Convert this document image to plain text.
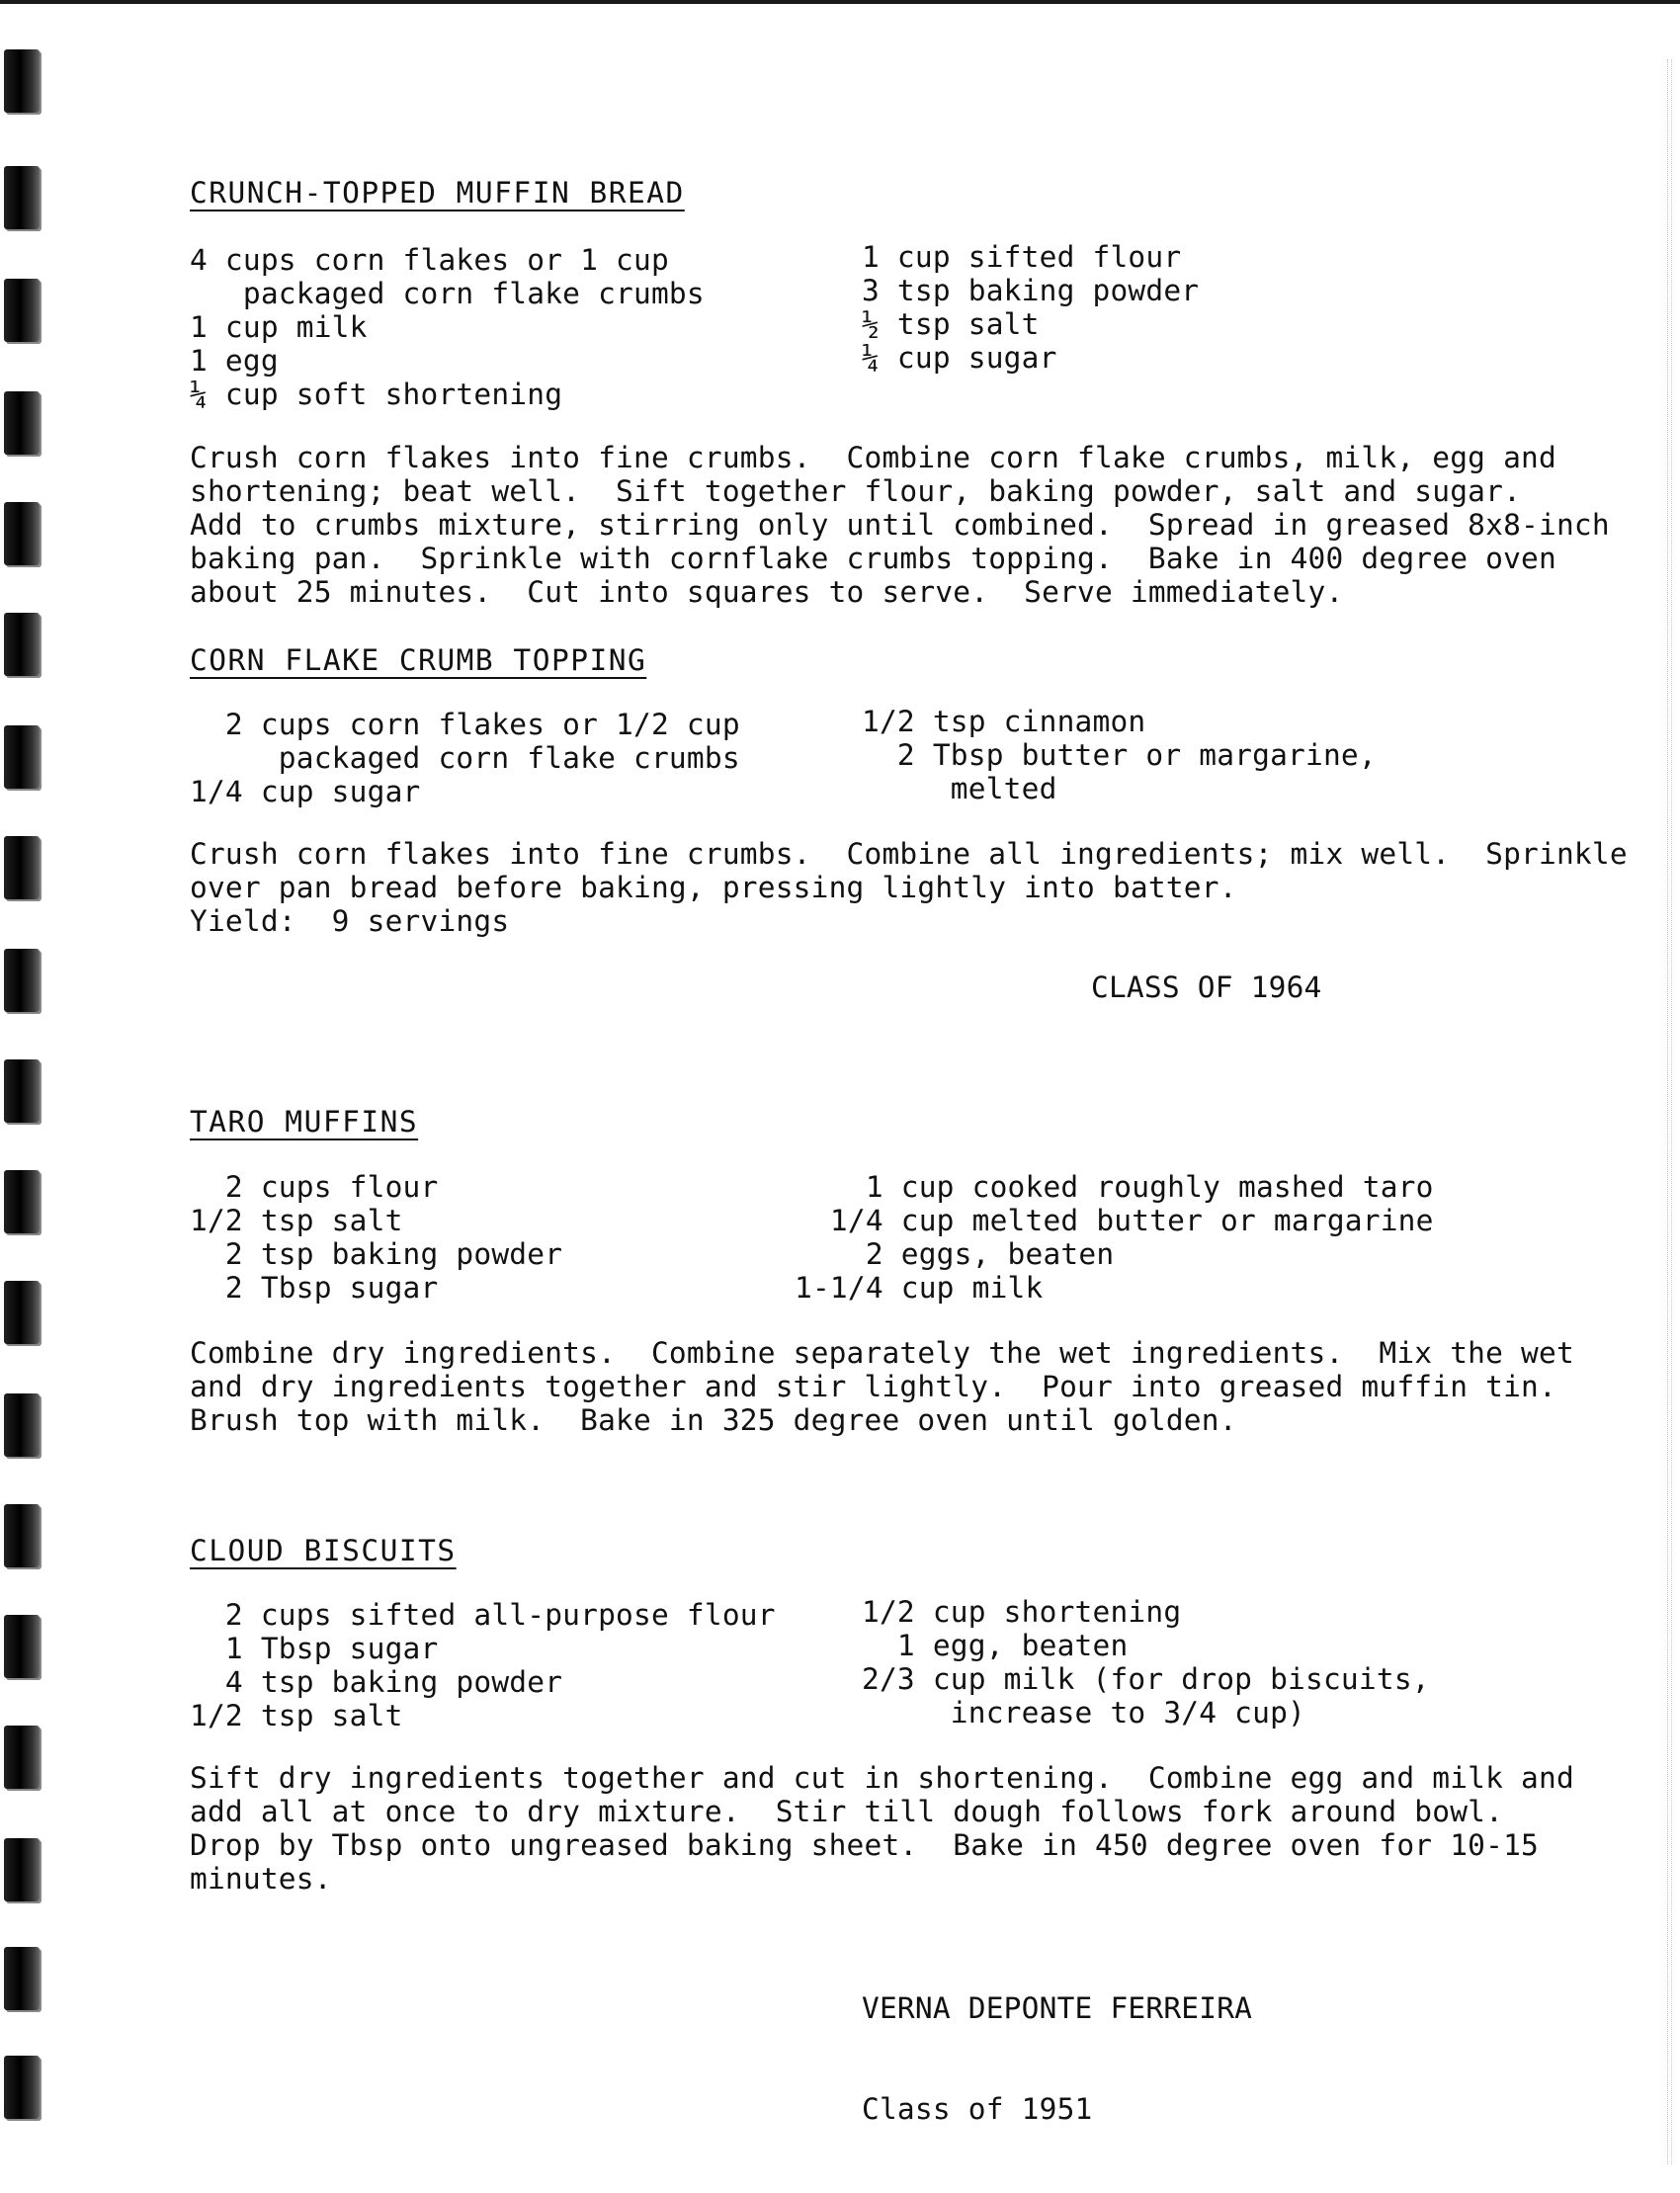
CRUNCH-TOPPED MUFFIN BREAD
4 cups corn flakes or 1 cup
packaged corn flake crumbs
1 cup milk
1 egg
¼ cup soft shortening
1 cup sifted flour
3 tsp baking powder
½ tsp salt
¼ cup sugar
Crush corn flakes into fine crumbs.  Combine corn flake crumbs, milk, egg and
shortening; beat well.  Sift together flour, baking powder, salt and sugar.
Add to crumbs mixture, stirring only until combined.  Spread in greased 8x8-inch
baking pan.  Sprinkle with cornflake crumbs topping.  Bake in 400 degree oven
about 25 minutes.  Cut into squares to serve.  Serve immediately.
CORN FLAKE CRUMB TOPPING
2 cups corn flakes or 1/2 cup
packaged corn flake crumbs
1/4 cup sugar
1/2 tsp cinnamon
2 Tbsp butter or margarine,
melted
Crush corn flakes into fine crumbs.  Combine all ingredients; mix well.  Sprinkle
over pan bread before baking, pressing lightly into batter.
Yield:  9 servings
CLASS OF 1964
TARO MUFFINS
2 cups flour
1/2 tsp salt
2 tsp baking powder
2 Tbsp sugar
1 cup cooked roughly mashed taro
1/4 cup melted butter or margarine
2 eggs, beaten
1-1/4 cup milk
Combine dry ingredients.  Combine separately the wet ingredients.  Mix the wet
and dry ingredients together and stir lightly.  Pour into greased muffin tin.
Brush top with milk.  Bake in 325 degree oven until golden.
CLOUD BISCUITS
2 cups sifted all-purpose flour
1 Tbsp sugar
4 tsp baking powder
1/2 tsp salt
1/2 cup shortening
1 egg, beaten
2/3 cup milk (for drop biscuits,
increase to 3/4 cup)
Sift dry ingredients together and cut in shortening.  Combine egg and milk and
add all at once to dry mixture.  Stir till dough follows fork around bowl.
Drop by Tbsp onto ungreased baking sheet.  Bake in 450 degree oven for 10-15
minutes.

VERNA DEPONTE FERREIRA

Class of 1951
